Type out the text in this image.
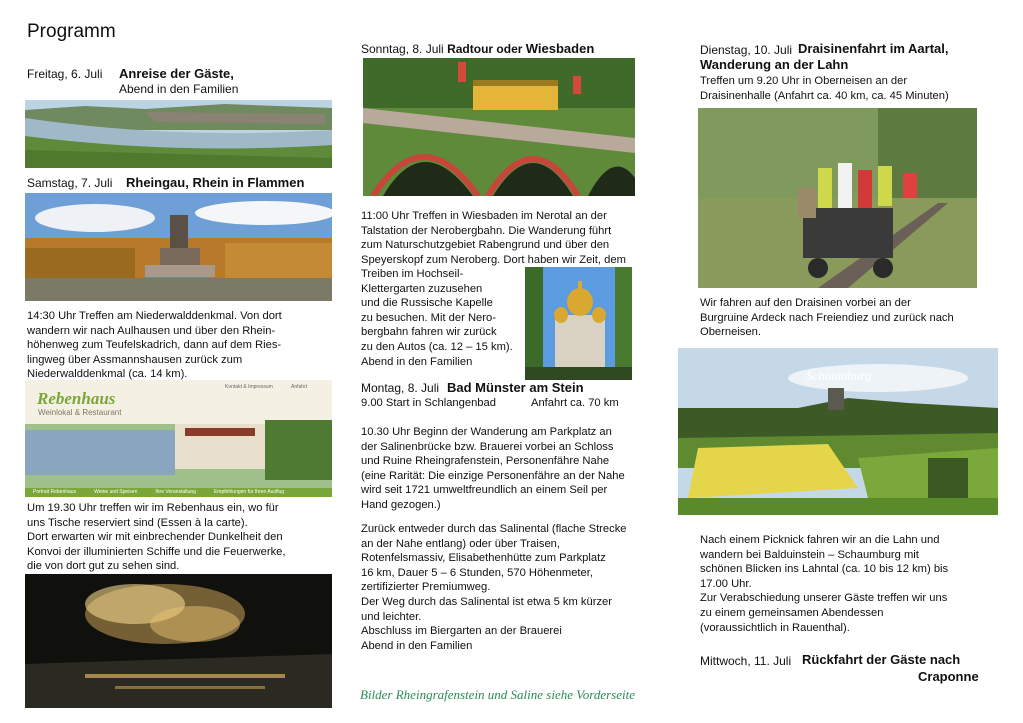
Programm
Freitag, 6. Juli Anreise der Gäste,
Abend in den Familien
Samstag, 7. Juli Rheingau, Rhein in Flammen
14:30 Uhr Treffen am Niederwalddenkmal. Von dort
wandern wir nach Aulhausen und über den Rhein-
höhenweg zum Teufelskadrich, dann auf dem Ries-
lingweg über Assmannshausen zurück zum
Niederwalddenkmal (ca. 14 km).
Rebenhaus
Weinlokal & Restaurant
Kontakt & Impressum	Anfahrt
Portrait Rebenhaus	Weine und Speisen	Ihre Veranstaltung	Empfehlungen für Ihren Ausflug
Um 19.30 Uhr treffen wir im Rebenhaus ein, wo für
uns Tische reserviert sind (Essen à la carte).
Dort erwarten wir mit einbrechender Dunkelheit den
Konvoi der illuminierten Schiffe und die Feuerwerke,
die von dort gut zu sehen sind.
Sonntag, 8. Juli Radtour oder Wiesbaden
11:00 Uhr Treffen in Wiesbaden im Nerotal an der
Talstation der Nerobergbahn. Die Wanderung führt
zum Naturschutzgebiet Rabengrund und über den
Speyerskopf zum Neroberg. Dort haben wir Zeit, dem
Treiben im Hochseil-
Klettergarten zuzusehen
und die Russische Kapelle
zu besuchen. Mit der Nero-
bergbahn fahren wir zurück
zu den Autos (ca. 12 – 15 km).
Abend in den Familien
Montag, 8. Juli Bad Münster am Stein
9.00 Start in Schlangenbad	Anfahrt ca. 70 km
10.30 Uhr Beginn der Wanderung am Parkplatz an
der Salinenbrücke bzw. Brauerei vorbei an Schloss
und Ruine Rheingrafenstein, Personenfähre Nahe
(eine Rarität: Die einzige Personenfähre an der Nahe
wird seit 1721 umweltfreundlich an einem Seil per
Hand gezogen.)
Zurück entweder durch das Salinental (flache Strecke
an der Nahe entlang) oder über Traisen,
Rotenfelsmassiv, Elisabethenhütte zum Parkplatz
16 km, Dauer 5 – 6 Stunden, 570 Höhenmeter,
zertifizierter Premiumweg.
Der Weg durch das Salinental ist etwa 5 km kürzer
und leichter.
Abschluss im Biergarten an der Brauerei
Abend in den Familien
Bilder Rheingrafenstein und Saline siehe Vorderseite
Dienstag, 10. Juli Draisinenfahrt im Aartal,
Wanderung an der Lahn
Treffen um 9.20 Uhr in Oberneisen an der
Draisinenhalle (Anfahrt ca. 40 km, ca. 45 Minuten)
Wir fahren auf den Draisinen vorbei an der
Burgruine Ardeck nach Freiendiez und zurück nach
Oberneisen.
Schaumburg
Nach einem Picknick fahren wir an die Lahn und
wandern bei Balduinstein – Schaumburg mit
schönen Blicken ins Lahntal (ca. 10 bis 12 km) bis
17.00 Uhr.
Zur Verabschiedung unserer Gäste treffen wir uns
zu einem gemeinsamen Abendessen
(voraussichtlich in Rauenthal).
Mittwoch, 11. Juli Rückfahrt der Gäste nach
Craponne
